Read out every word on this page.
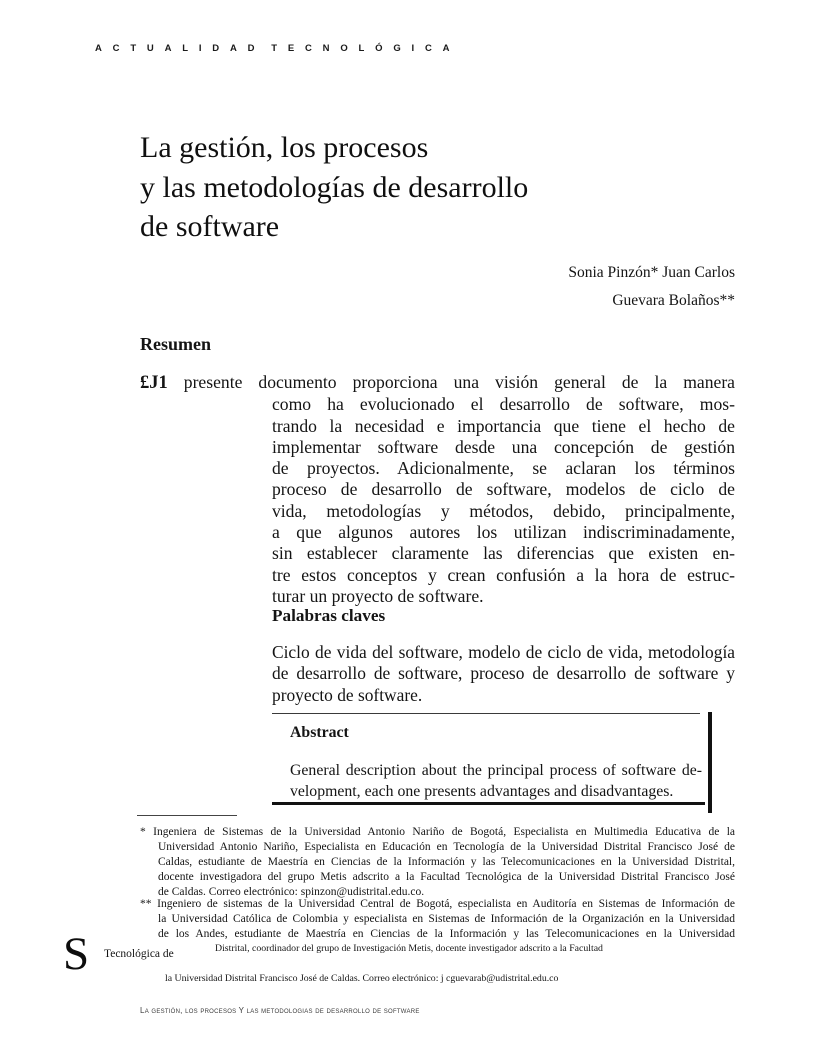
ACTUALIDAD TECNOLÓGICA
La gestión, los procesos
y las metodologías de desarrollo
de software
Sonia Pinzón* Juan Carlos
Guevara Bolaños**
Resumen
£J1 presente documento proporciona una visión general de la manera
como ha evolucionado el desarrollo de software, mos-
trando la necesidad e importancia que tiene el hecho de
implementar software desde una concepción de gestión
de proyectos. Adicionalmente, se aclaran los términos
proceso de desarrollo de software, modelos de ciclo de
vida, metodologías y métodos, debido, principalmente,
a que algunos autores los utilizan indiscriminadamente,
sin establecer claramente las diferencias que existen en-
tre estos conceptos y crean confusión a la hora de estruc-
turar un proyecto de software.
Palabras claves
Ciclo de vida del software, modelo de ciclo de vida, metodología
de desarrollo de software, proceso de desarrollo de software y
proyecto de software.
Abstract
General description about the principal process of software de-
velopment, each one presents advantages and disadvantages.
* Ingeniera de Sistemas de la Universidad Antonio Nariño de Bogotá, Especialista en Multimedia Educativa de la
Universidad Antonio Nariño, Especialista en Educación en Tecnología de la Universidad Distrital Francisco José de
Caldas, estudiante de Maestría en Ciencias de la Información y las Telecomunicaciones en la Universidad Distrital,
docente investigadora del grupo Metis adscrito a la Facultad Tecnológica de la Universidad Distrital Francisco José
de Caldas. Correo electrónico: spinzon@udistrital.edu.co.
** Ingeniero de sistemas de la Universidad Central de Bogotá, especialista en Auditoría en Sistemas de Información de
la Universidad Católica de Colombia y especialista en Sistemas de Información de la Organización en la Universidad
de los Andes, estudiante de Maestría en Ciencias de la Información y las Telecomunicaciones en la Universidad
Distrital, coordinador del grupo de Investigación Metis, docente investigador adscrito a la Facultad
la Universidad Distrital Francisco José de Caldas. Correo electrónico: j cguevarab@udistrital.edu.co
S Tecnológica de
La gestión, los procesos Y las metodologias de desarrollo de software
